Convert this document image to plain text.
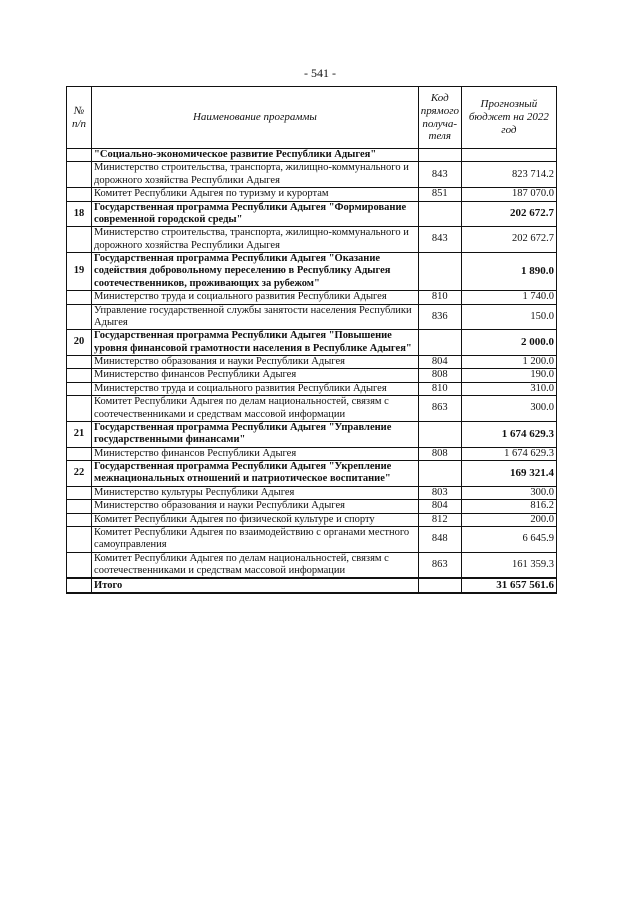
- 541 -
№ п/п	Наименование программы	Код прямого получа-теля	Прогнозный бюджет на 2022 год
	"Социально-экономическое развитие Республики Адыгея"		
	Министерство строительства, транспорта, жилищно-коммунального и дорожного хозяйства Республики Адыгея	843	823 714.2
	Комитет Республики Адыгея по туризму и курортам	851	187 070.0
18	Государственная программа Республики Адыгея "Формирование современной городской среды"		202 672.7
	Министерство строительства, транспорта, жилищно-коммунального и дорожного хозяйства Республики Адыгея	843	202 672.7
19	Государственная программа Республики Адыгея "Оказание содействия добровольному переселению в Республику Адыгея соотечественников, проживающих за рубежом"		1 890.0
	Министерство труда и социального развития Республики Адыгея	810	1 740.0
	Управление государственной службы занятости населения Республики Адыгея	836	150.0
20	Государственная программа Республики Адыгея "Повышение уровня финансовой грамотности населения в Республике Адыгея"		2 000.0
	Министерство образования и науки Республики Адыгея	804	1 200.0
	Министерство финансов Республики Адыгея	808	190.0
	Министерство труда и социального развития Республики Адыгея	810	310.0
	Комитет Республики Адыгея по делам национальностей, связям с соотечественниками и средствам массовой информации	863	300.0
21	Государственная программа Республики Адыгея "Управление государственными финансами"		1 674 629.3
	Министерство финансов Республики Адыгея	808	1 674 629.3
22	Государственная программа Республики Адыгея "Укрепление межнациональных отношений и патриотическое воспитание"		169 321.4
	Министерство культуры Республики Адыгея	803	300.0
	Министерство образования и науки Республики Адыгея	804	816.2
	Комитет Республики Адыгея по физической культуре и спорту	812	200.0
	Комитет Республики Адыгея по взаимодействию с органами местного самоуправления	848	6 645.9
	Комитет Республики Адыгея по делам национальностей, связям с соотечественниками и средствам массовой информации	863	161 359.3
	Итого		31 657 561.6
